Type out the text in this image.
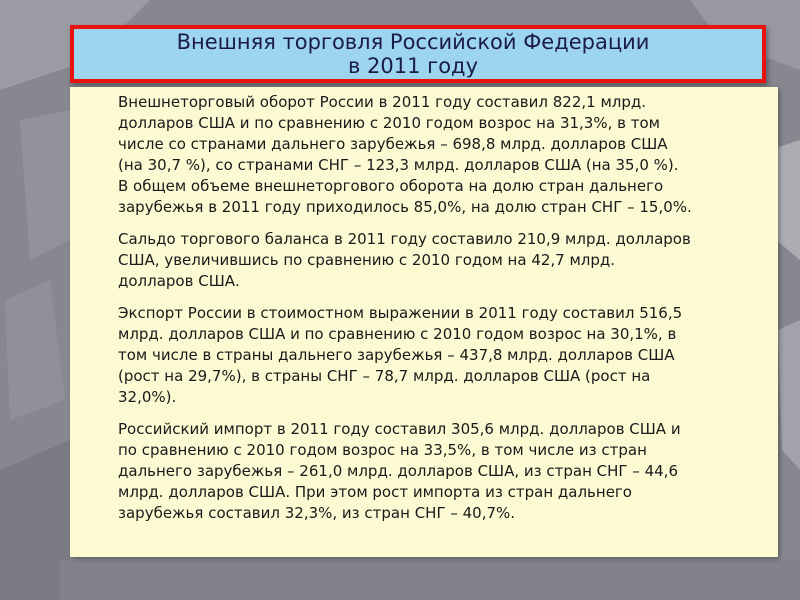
Внешняя торговля Российской Федерации
в 2011 году

Внешнеторговый оборот России в 2011 году составил 822,1 млрд.
долларов США и по сравнению с 2010 годом возрос на 31,3%, в том
числе со странами дальнего зарубежья – 698,8 млрд. долларов США
(на 30,7 %), со странами СНГ – 123,3 млрд. долларов США (на 35,0 %).
В общем объеме внешнеторгового оборота на долю стран дальнего
зарубежья в 2011 году приходилось 85,0%, на долю стран СНГ – 15,0%.

Сальдо торгового баланса в 2011 году составило 210,9 млрд. долларов
США, увеличившись по сравнению с 2010 годом на 42,7 млрд.
долларов США.

Экспорт России в стоимостном выражении в 2011 году составил 516,5
млрд. долларов США и по сравнению с 2010 годом возрос на 30,1%, в
том числе в страны дальнего зарубежья – 437,8 млрд. долларов США
(рост на 29,7%), в страны СНГ – 78,7 млрд. долларов США (рост на
32,0%).

Российский импорт в 2011 году составил 305,6 млрд. долларов США и
по сравнению с 2010 годом возрос на 33,5%, в том числе из стран
дальнего зарубежья – 261,0 млрд. долларов США, из стран СНГ – 44,6
млрд. долларов США. При этом рост импорта из стран дальнего
зарубежья составил 32,3%, из стран СНГ – 40,7%.
